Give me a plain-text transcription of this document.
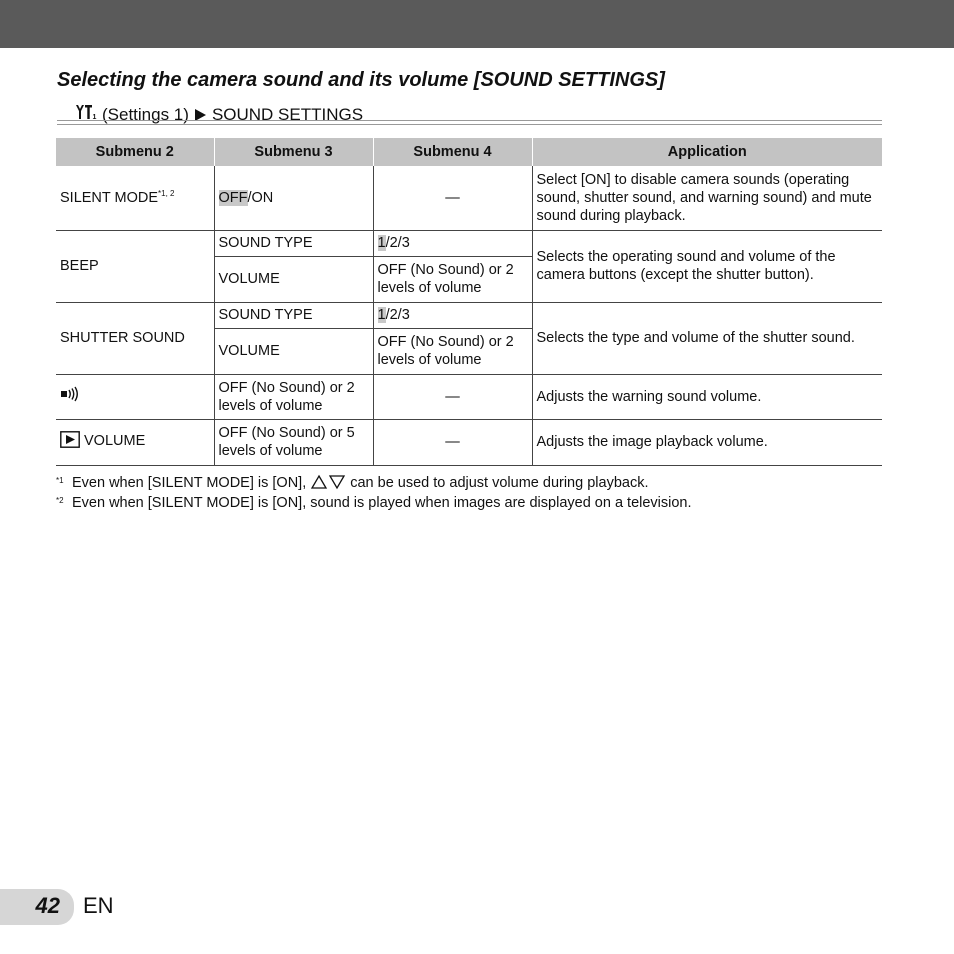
Selecting the camera sound and its volume [SOUND SETTINGS]
1 (Settings 1) SOUND SETTINGS
Submenu 2	Submenu 3	Submenu 4	Application
SILENT MODE$^{*1, 2}$	OFF/ON	—	Select [ON] to disable camera sounds (operating sound, shutter sound, and warning sound) and mute sound during playback.
BEEP	SOUND TYPE	1/2/3	Selects the operating sound and volume of the camera buttons (except the shutter button).
	VOLUME	OFF (No Sound) or 2 levels of volume	
SHUTTER SOUND	SOUND TYPE	1/2/3	Selects the type and volume of the shutter sound.
	VOLUME	OFF (No Sound) or 2 levels of volume	
	OFF (No Sound) or 2 levels of volume	—	Adjusts the warning sound volume.
VOLUME	OFF (No Sound) or 5 levels of volume	—	Adjusts the image playback volume.
*1 Even when [SILENT MODE] is [ON],	can be used to adjust volume during playback.
*2 Even when [SILENT MODE] is [ON], sound is played when images are displayed on a television.
42 EN
